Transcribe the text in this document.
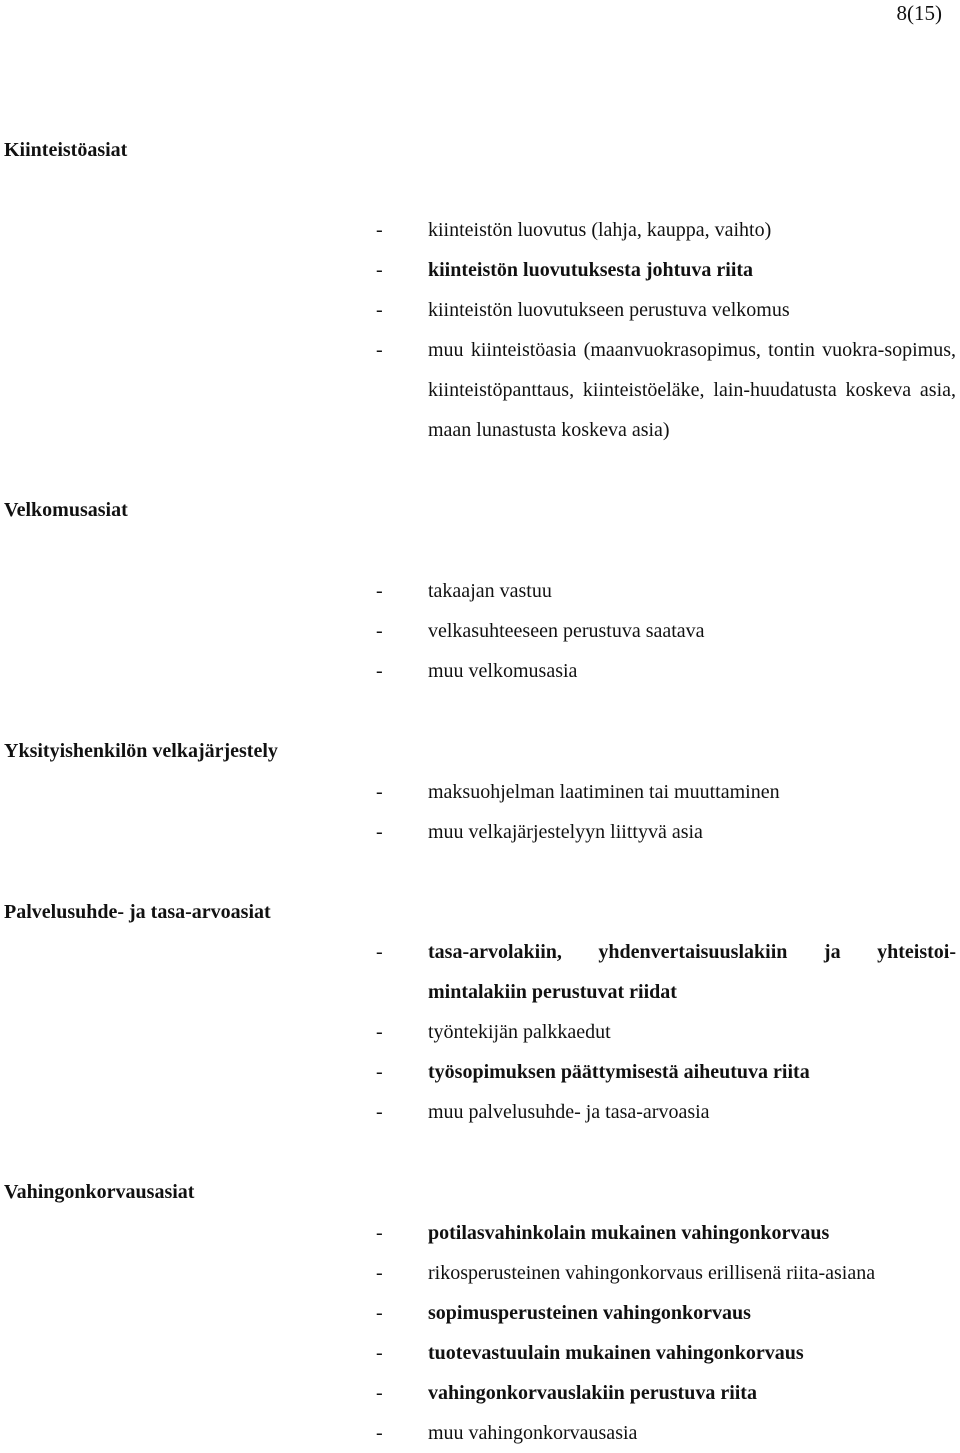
8(15)
Kiinteistöasiat
- kiinteistön luovutus (lahja, kauppa, vaihto)
- kiinteistön luovutuksesta johtuva riita
- kiinteistön luovutukseen perustuva velkomus
- muu kiinteistöasia (maanvuokrasopimus, tontin vuokra-sopimus, kiinteistöpanttaus, kiinteistöeläke, lain-huudatusta koskeva asia, maan lunastusta koskeva asia)
Velkomusasiat
- takaajan vastuu
- velkasuhteeseen perustuva saatava
- muu velkomusasia
Yksityishenkilön velkajärjestely
- maksuohjelman laatiminen tai muuttaminen
- muu velkajärjestelyyn liittyvä asia
Palvelusuhde- ja tasa-arvoasiat
- tasa-arvolakiin, yhdenvertaisuuslakiin ja yhteistoi-mintalakiin perustuvat riidat
- työntekijän palkkaedut
- työsopimuksen päättymisestä aiheutuva riita
- muu palvelusuhde- ja tasa-arvoasia
Vahingonkorvausasiat
- potilasvahinkolain mukainen vahingonkorvaus
- rikosperusteinen vahingonkorvaus erillisenä riita-asiana
- sopimusperusteinen vahingonkorvaus
- tuotevastuulain mukainen vahingonkorvaus
- vahingonkorvauslakiin perustuva riita
- muu vahingonkorvausasia
